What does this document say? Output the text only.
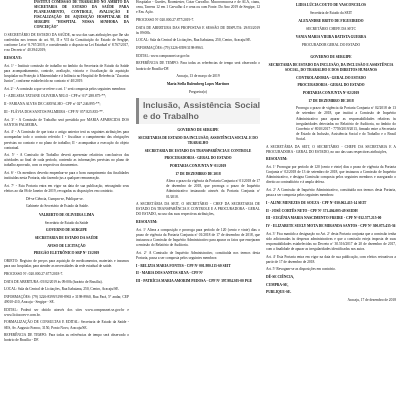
INSTITUI COMISSÃO DE TRABALHO NO ÂMBITO DA SECRETARIA DE ESTADO DA SAÚDE PARA PLANEJAMENTO, CONTROLE, AVALIAÇÃO E FISCALIZAÇÃO DE AQUISIÇÃO HOSPITALAR DE SERGIPE "HOSPITAL NOSSA SENHORA DA CONCEIÇÃO"

O SECRETÁRIO DE ESTADO DA SAÚDE, no uso das suas atribuições que lhe são conferidas nos termos do art. 90, II e VII da Constituição do Estado de Sergipe, conforme Lei nº 8.767/2019, e considerando o disposto na Lei Estadual nº 8.767/2017, e no Decreto nº 40.394/2019;

RESOLVE:

Art. 1º - Instituir comissão de trabalho no âmbito da Secretaria de Estado da Saúde para acompanhamento, controle, avaliação, vistoria e fiscalização da aquisição hospitalar na Proteção à Maternidade e à Infância no Hospital de Referência "Zacarias Junior", conforme estabelecido no contrato nº 40/2019.

Art. 2º - A comissão a que se refere o art. 1º será composta pelos seguintes membros:

I - ADILSEIA TATIANE OLIVEIRA NELO - CPF nº 01*.288.875-**;

II - FABIANA ALVES DE CARVALHO - CPF nº 02*.246.895-**;

III - FLÁVIA DOS SANTOS PALMEIRA - CPF Nº 05*.825.835-**.

Art. 3º - A Comissão de Trabalho será presidida por MARIA APARECIDA DOS SANTOS PALMEIRA.

Art. 4º - A Comissão de que trata o artigo anterior terá as seguintes atribuições para acompanhar todo o contrato referido: I - fiscalizar o cumprimento das obrigações previstas no contrato e no plano de trabalho; II - acompanhar a execução do objeto contratual.

Art. 5º - A Comissão de Trabalho deverá apresentar relatórios conclusivos das atividades ao final de cada período, contendo as informações previstas no plano de trabalho aprovado, com os respectivos documentos.

Art. 6º - Os membros deverão empenhar-se para o bom cumprimento das finalidades instituídas nesta Portaria, não fazendo jus a qualquer remuneração.

Art. 7º - Esta Portaria entra em vigor na data de sua publicação, retroagindo seus efeitos ao dia 06 de Janeiro de 2019, revogadas as disposições em contrário.

Dê-se Ciência, Cumpra-se, Publique-se.

Gabinete do Secretário de Estado da Saúde.

VALBERTO DE OLIVEIRA LIMA

Secretário de Estado da Saúde

GOVERNO DE SERGIPE

SECRETARIA DE ESTADO DA SAÚDE

AVISO DE LICITAÇÃO

PREGÃO ELETRÔNICO SRP Nº 13/2019

OBJETO: Registro de preços para aquisição de medicamentos, materiais e insumos para uso hospitalar, para atender as necessidades da rede estadual de saúde.

PROCESSO Nº: 020.000.27.677/2018-7.

DATA DE ABERTURA: 05/02/2019 às 09:00h (horário de Brasília).

LOCAL: Sala da Central de Licitações, Rua Itabaiana, 250, Centro, Aracaju/SE.

INFORMAÇÕES: (79) 3226-8399/3198-8963 e 3198-8960, Rua Pará, 5° andar, CEP 49010-410, Aracaju - Sergipe - SE.

EDITAL: Poderá ser obtido através dos sites www.comprasnet.se.gov.br e www.licitacoes-e.com.br.

FORMALIZAÇÃO DE CONSULTAS E EDITAL: Secretaria de Estado da Saúde - SES, Av. Augusto Franco, 3150, Ponto Novo, Aracaju/SE.

REFERÊNCIA DE TEMPO: Para todas as referências de tempo será observado o horário de Brasília - DF.

Hospitalar - Guedes, Roomiester, Cotar Carvalho. Mucoromucosa e de ALA, cianu, cena, Tarrens 12 em 1 Carvalho 4 e cena ou com Fonte. Do Ano 2019 de Sergipe, 12 e Em. Ação.

PROCESSO Nº 020.000.27.877/2019-7.

DATA DE ABERTURA DAS PROPOSTAS E SESSÃO DE DISPUTA: 29/03/2019 às 09:00h.

LOCAL: Sala da Central de Licitações, Rua Itabaiana, 250, Centro, Aracaju/SE.

INFORMAÇÕES: (79) 3226-8399/3198-8963.

EDITAL: www.comprasnet.se.gov.br.

REFERÊNCIA DE TEMPO: Para todas as referências de tempo será observado o horário de Brasília-DF.

Aracaju, 13 de março de 2019

Maria Stella Rulemberg Lopes Martinez

Pregoeira(o)

Inclusão, Assistência Social e do Trabalho

GOVERNO DE SERGIPE

SECRETARIA DE ESTADO DA INCLUSÃO, ASSISTÊNCIA SOCIAL E DO TRABALHO

SECRETARIA DE ESTADO DA TRANSPARÊNCIA E CONTROLE

PROCURADORIA - GERAL DO ESTADO

PORTARIA CONJUNTA Nº 01/2019

17 DE DEZEMBRO DE 2018

Altera o prazo da vigência da Portaria Conjunta nº 01/2018 de 17 de dezembro de 2018, que prorroga o prazo de Inquérito Administrativo instaurado através da Portaria Conjunta nº 01/2018.

A SECRETÁRIA DA SEIT, O SECRETÁRIO - CHEF DA SECRETARIA DE ESTADO DA TRANSPARÊNCIA E CONTROLE E A PROCURADORA - GERAL DO ESTADO, no uso das suas respectivas atribuições,

RESOLVEM:

Art. 1º Altera a composição e prorroga para período de 120 (cento e vinte) dias o prazo de vigência da Portaria Conjunta nº 01/2018 de 17 de dezembro de 2018, que instaurou a Comissão de Inquérito Administrativo para apurar os fatos que ensejaram a emissão do Relatório de Auditoria.

Art. 2º A Comissão de Inquérito Administrativo, constituída nos termos desta Portaria, passa a ser composta pelos seguintes membros:

I - BELIZIA MARIA FONTES - CPF Nº 001.980.115-60 SEIT

II - MARIA DOS SANTOS SILVA - CPF Nº

III - PATRÍCIA MARIA AMORIM PEDOSA - CPF Nº 397.984.305-00 PGE

LIDIA LÚCIA COUTO DE VASCONCELOS

Secretária de Estado da SEIT

ALEXANDRE BRITO DE FIGUEIREDO

SECRETÁRIO CHEFE DA SETC

VANIA MARIA VIEIRA BATISTA GUERRA

PROCURADOR GERAL DO ESTADO

GOVERNO DE SERGIPE

SECRETARIA DE ESTADO DA INCLUSÃO, DA INCLUSÃO E ASSISTÊNCIA SOCIAL, DO TRABALHO E DOS DIREITOS HUMANOS

CONTROLADORIA - GERAL DO ESTADO

PROCURADORIA - GERAL DO ESTADO

PORTARIA CONJUNTA Nº 02/2019

17 DE DEZEMBRO DE 2018

Prorroga o prazo de vigência da Portaria Conjunta nº 02/2018 de 13 de setembro de 2018, que institui a Comissão de Inquérito Administrativo para apurar as responsabilidades relativas às irregularidades detectadas no Relatório de Auditoria, no âmbito do Convênio nº 8010/2017 - 7759/2019/2013, firmado entre a Secretaria de Estado da Inclusão, Assistência Social e do Trabalho e o Brasil Social.

A SECRETÁRIA DA SEIT, O SECRETÁRIO - CHEFE DA SECRETARIA E A PROCURADORA - GERAL DO ESTADO, no uso das suas respectivas atribuições,

RESOLVEM:

Art. 1º Prorrogar por período de 120 (cento e vinte) dias o prazo de vigência da Portaria Conjunta nº 02/2018 de 13 de setembro de 2018, que instaurou a Comissão de Inquérito Administrativo, e designa Comissão composta pelos seguintes membros e assegurado o direito ao contraditório e à ampla defesa.

Art. 2º A Comissão de Inquérito Administrativo, constituída nos termos desta Portaria, passa a ser composta pelos seguintes membros:

I - ALINE MENEZES DE SOUZA - CPF Nº 030.062.415-14 SEIT

II - JOSÉ CORTÊS NETO - CPF Nº 371.404.005-49 SEIDH

III - EUGÊNIA MARIA NASCIMENTO FREIRE - CPF Nº 032.577.215-00

IV - ELIZABETE SUELY MOTA DE MIRANDA SANTOS - CPF Nº 300.075.435-36

Art. 3º Fica mantido a designação no Art. 2º desta Portaria conjunta que a comissão tenha sido adicionadas às despesas administrativas e que a comissão esteja imposta de suas responsabilidades estabelecidas no Decreto nº 30.516/2017 de 20 de dezembro de 2017, com a finalidade de apurar as irregularidades identificadas nos autos.

Art. 4º Esta Portaria entra em vigor na data de sua publicação, com efeitos retroativos a partir de 17 de dezembro de 2018.

Art. 5º Revogam-se as disposições em contrário.

DÊ-SE CIÊNCIA,

CUMPRA-SE,

PUBLIQUE-SE.

Aracaju, 17 de dezembro de 2018
